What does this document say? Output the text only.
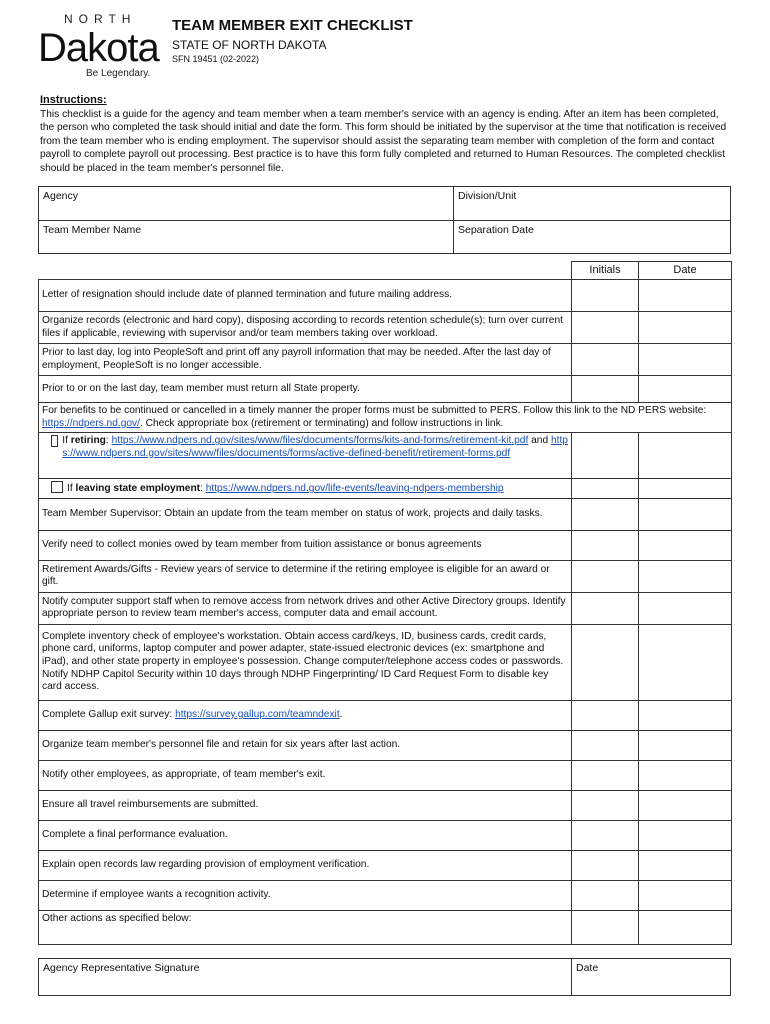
NORTH
Dakota
Be Legendary.
TEAM MEMBER EXIT CHECKLIST
STATE OF NORTH DAKOTA
SFN 19451 (02-2022)
Instructions:
This checklist is a guide for the agency and team member when a team member's service with an agency is ending. After an item has been completed, the person who completed the task should initial and date the form. This form should be initiated by the supervisor at the time that notification is received from the team member who is ending employment. The supervisor should assist the separating team member with completion of the form and contact payroll to complete payroll out processing. Best practice is to have this form fully completed and returned to Human Resources. The completed checklist should be placed in the team member's personnel file.
Agency	Division/Unit
Team Member Name	Separation Date
	Initials	Date
Letter of resignation should include date of planned termination and future mailing address.		
Organize records (electronic and hard copy), disposing according to records retention schedule(s); turn over current files if applicable, reviewing with supervisor and/or team members taking over workload.		
Prior to last day, log into PeopleSoft and print off any payroll information that may be needed. After the last day of employment, PeopleSoft is no longer accessible.		
Prior to or on the last day, team member must return all State property.		
For benefits to be continued or cancelled in a timely manner the proper forms must be submitted to PERS. Follow this link to the ND PERS website: https://ndpers.nd.gov/. Check appropriate box (retirement or terminating) and follow instructions in link.		

If retiring: https://www.ndpers.nd.gov/sites/www/files/documents/forms/kits-and-forms/retirement-kit.pdf and https://www.ndpers.nd.gov/sites/www/files/documents/forms/active-defined-benefit/retirement-forms.pdf		

If leaving state employment: https://www.ndpers.nd.gov/life-events/leaving-ndpers-membership		
Team Member Supervisor: Obtain an update from the team member on status of work, projects and daily tasks.		
Verify need to collect monies owed by team member from tuition assistance or bonus agreements		
Retirement Awards/Gifts - Review years of service to determine if the retiring employee is eligible for an award or gift.		
Notify computer support staff when to remove access from network drives and other Active Directory groups. Identify appropriate person to review team member's access, computer data and email account.		
Complete inventory check of employee's workstation. Obtain access card/keys, ID, business cards, credit cards, phone card, uniforms, laptop computer and power adapter, state-issued electronic devices (ex: smartphone and iPad), and other state property in employee's possession. Change computer/telephone access codes or passwords. Notify NDHP Capitol Security within 10 days through NDHP Fingerprinting/ ID Card Request Form to disable key card access.		
Complete Gallup exit survey: https://survey.gallup.com/teamndexit.		
Organize team member's personnel file and retain for six years after last action.		
Notify other employees, as appropriate, of team member's exit.		
Ensure all travel reimbursements are submitted.		
Complete a final performance evaluation.		
Explain open records law regarding provision of employment verification.		
Determine if employee wants a recognition activity.		
Other actions as specified below:		
Agency Representative Signature	Date
